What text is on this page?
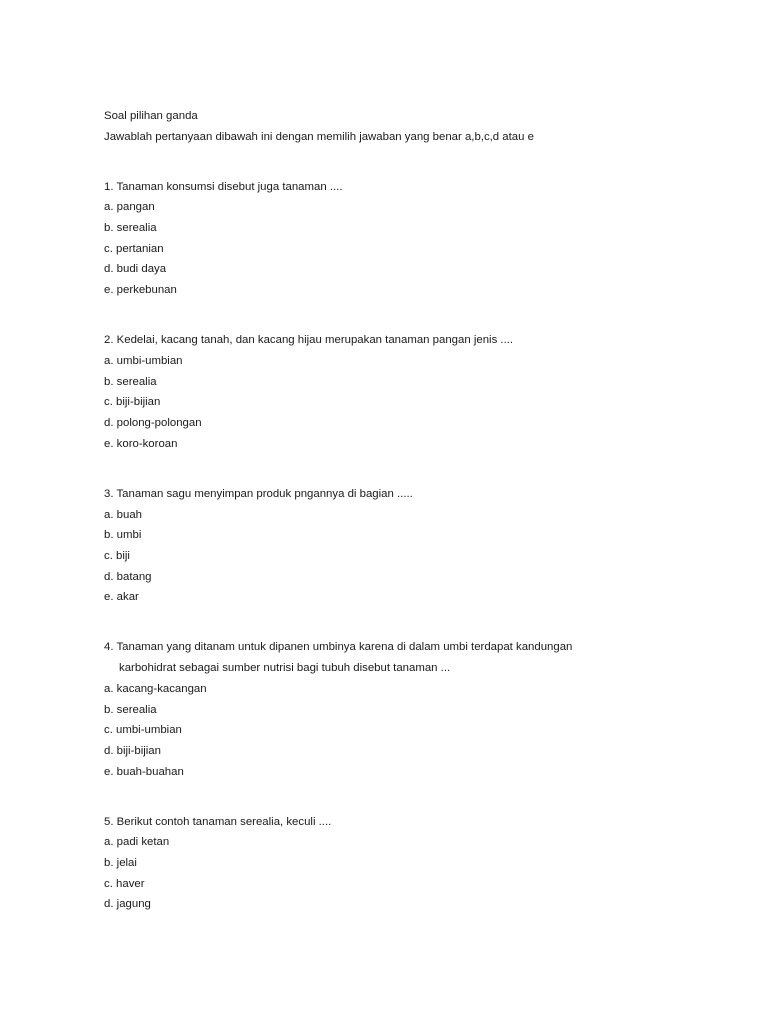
Soal pilihan ganda
Jawablah pertanyaan dibawah ini dengan memilih jawaban yang benar a,b,c,d atau e
1. Tanaman konsumsi disebut juga tanaman ....
a. pangan
b. serealia
c. pertanian
d. budi daya
e. perkebunan
2. Kedelai, kacang tanah, dan kacang hijau merupakan tanaman pangan jenis ....
a. umbi-umbian
b. serealia
c. biji-bijian
d. polong-polongan
e. koro-koroan
3. Tanaman sagu menyimpan produk pngannya di bagian .....
a. buah
b. umbi
c. biji
d. batang
e. akar
4. Tanaman yang ditanam untuk dipanen umbinya karena di dalam umbi terdapat kandungan
karbohidrat sebagai sumber nutrisi bagi tubuh disebut tanaman ...
a. kacang-kacangan
b. serealia
c. umbi-umbian
d. biji-bijian
e. buah-buahan
5. Berikut contoh tanaman serealia, keculi ....
a. padi ketan
b. jelai
c. haver
d. jagung
